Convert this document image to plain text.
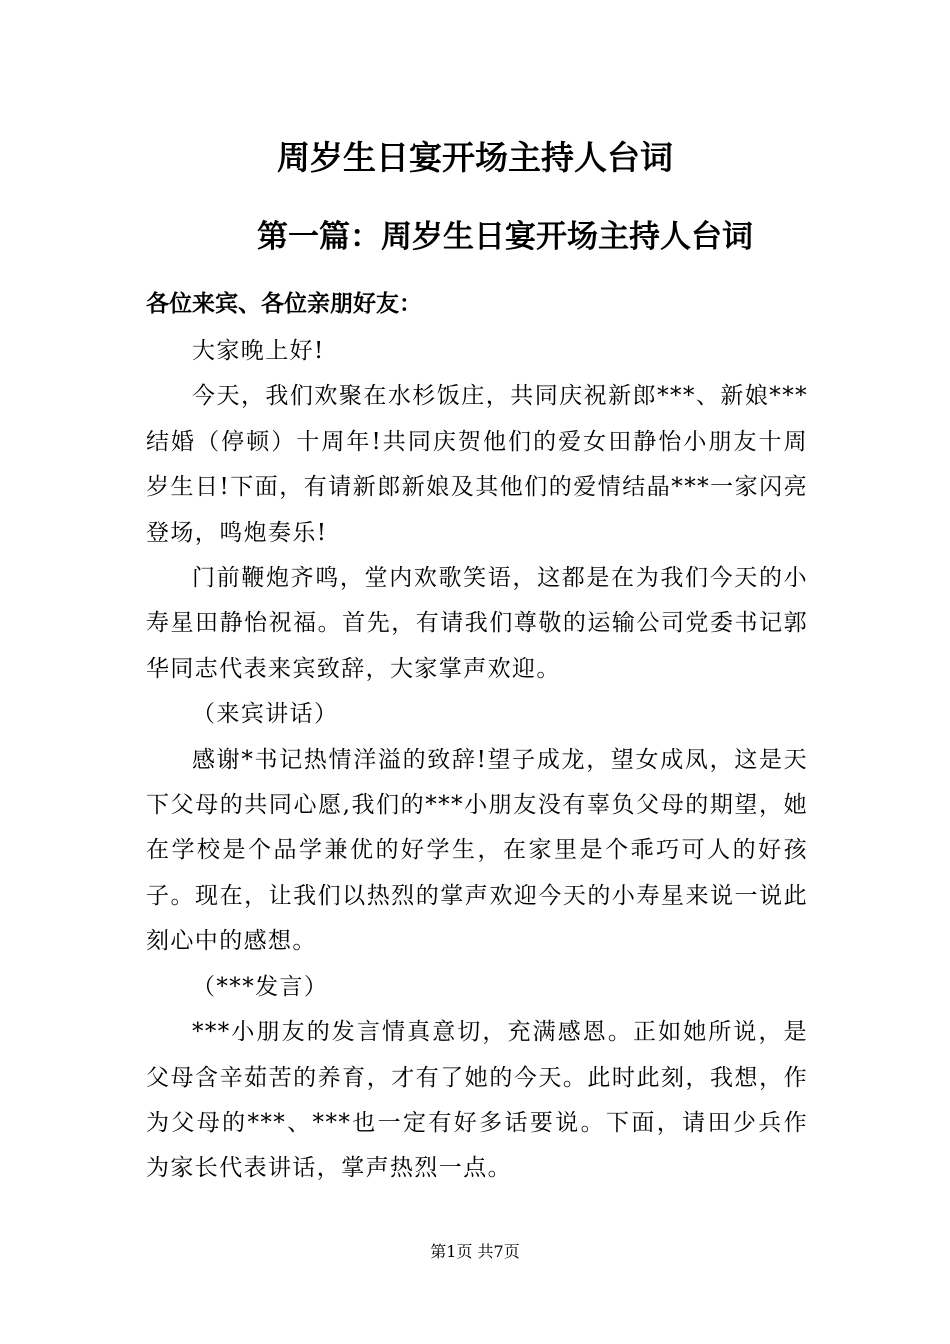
周岁生日宴开场主持人台词
第一篇：周岁生日宴开场主持人台词

各位来宾、各位亲朋好友：

大家晚上好!

今天，我们欢聚在水杉饭庄，共同庆祝新郎***、新娘***结婚（停顿）十周年!共同庆贺他们的爱女田静怡小朋友十周岁生日!下面，有请新郎新娘及其他们的爱情结晶***一家闪亮登场，鸣炮奏乐!

门前鞭炮齐鸣，堂内欢歌笑语，这都是在为我们今天的小寿星田静怡祝福。首先，有请我们尊敬的运输公司党委书记郭华同志代表来宾致辞，大家掌声欢迎。

（来宾讲话）

感谢*书记热情洋溢的致辞!望子成龙，望女成凤，这是天下父母的共同心愿,我们的***小朋友没有辜负父母的期望，她在学校是个品学兼优的好学生，在家里是个乖巧可人的好孩子。现在，让我们以热烈的掌声欢迎今天的小寿星来说一说此刻心中的感想。

（***发言）

***小朋友的发言情真意切，充满感恩。正如她所说，是父母含辛茹苦的养育，才有了她的今天。此时此刻，我想，作为父母的***、***也一定有好多话要说。下面，请田少兵作为家长代表讲话，掌声热烈一点。

第1页 共7页
